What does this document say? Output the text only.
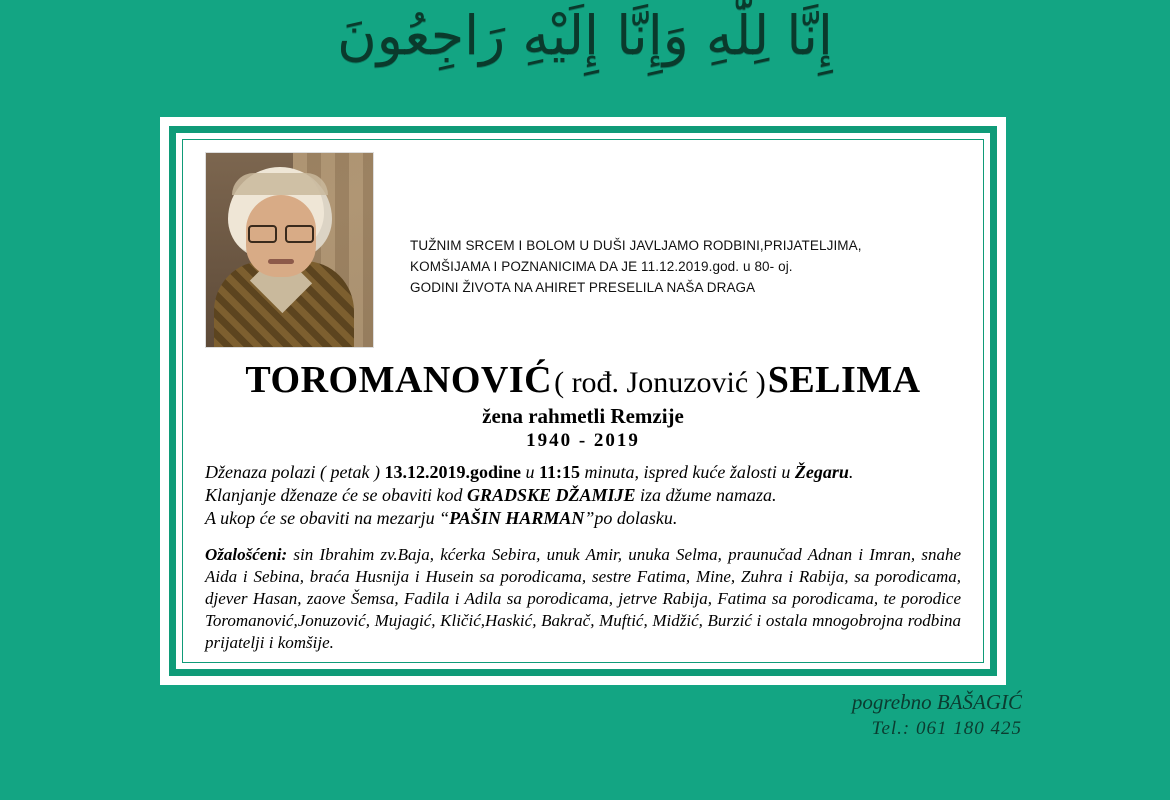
إِنَّا لِلَّٰهِ وَإِنَّا إِلَيْهِ رَاجِعُونَ
TUŽNIM SRCEM I BOLOM U DUŠI JAVLJAMO RODBINI,PRIJATELJIMA,
KOMŠIJAMA I POZNANICIMA DA JE 11.12.2019.god. u 80- oj.
GODINI ŽIVOTA NA AHIRET PRESELILA NAŠA DRAGA
TOROMANOVIĆ( rođ. Jonuzović )SELIMA
žena rahmetli Remzije
1940 - 2019
Dženaza polazi ( petak ) 13.12.2019.godine u 11:15 minuta, ispred kuće žalosti u Žegaru.
Klanjanje dženaze će se obaviti kod GRADSKE DŽAMIJE iza džume namaza.
A ukop će se obaviti na mezarju “PAŠIN HARMAN”po dolasku.
Ožalošćeni: sin Ibrahim zv.Baja, kćerka Sebira, unuk Amir, unuka Selma, praunučad Adnan i Imran, snahe Aida i Sebina, braća Husnija i Husein sa porodicama, sestre Fatima, Mine, Zuhra i Rabija, sa porodicama, djever Hasan, zaove Šemsa, Fadila i Adila sa porodicama, jetrve Rabija, Fatima sa porodicama, te porodice Toromanović,Jonuzović, Mujagić, Kličić,Haskić, Bakrač, Muftić, Midžić, Burzić i ostala mnogobrojna rodbina prijatelji i komšije.
pogrebno BAŠAGIĆ
Tel.: 061 180 425
